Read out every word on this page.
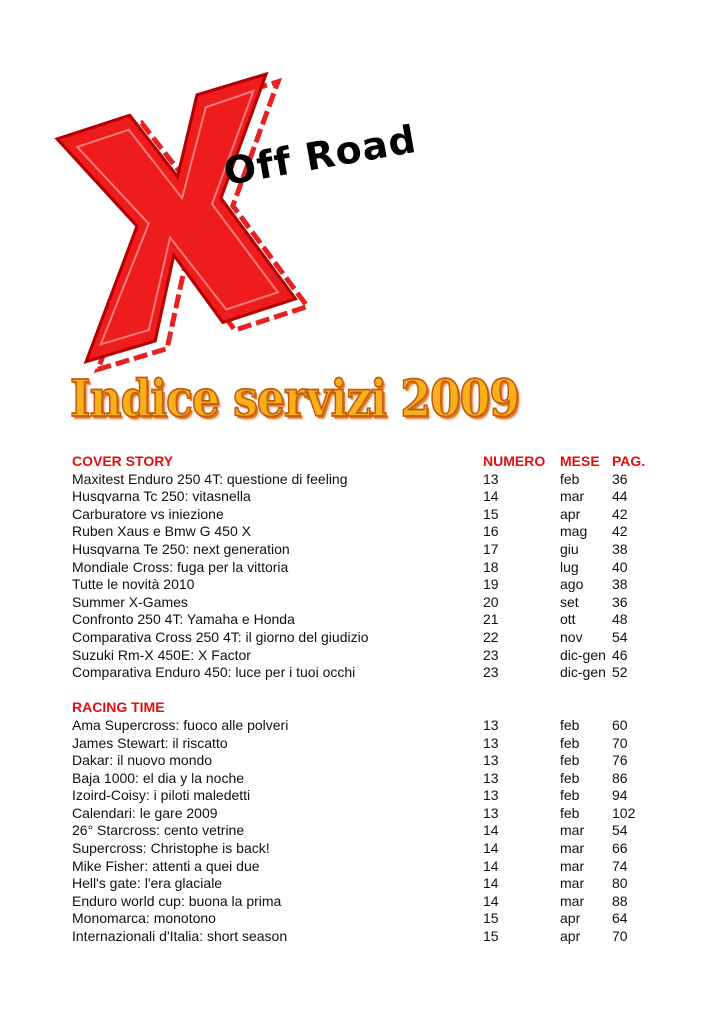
Off Road
Indice servizi 2009
COVER STORY	NUMERO MESE PAG.
Maxitest Enduro 250 4T: questione di feeling	13	feb 36
Husqvarna Tc 250: vitasnella	14	mar 44
Carburatore vs iniezione	15	apr 42
Ruben Xaus e Bmw G 450 X	16	mag 42
Husqvarna Te 250: next generation	17	giu 38
Mondiale Cross: fuga per la vittoria	18	lug 40
Tutte le novità 2010	19	ago 38
Summer X-Games	20	set 36
Confronto 250 4T: Yamaha e Honda	21	ott	48
Comparativa Cross 250 4T: il giorno del giudizio	22	nov 54
Suzuki Rm-X 450E: X Factor	23	dic-gen 46
Comparativa Enduro 450: luce per i tuoi occhi	23	dic-gen 52
RACING TIME
Ama Supercross: fuoco alle polveri	13	feb 60
James Stewart: il riscatto	13	feb 70
Dakar: il nuovo mondo	13	feb 76
Baja 1000: el dia y la noche	13	feb 86
Izoird-Coisy: i piloti maledetti	13	feb 94
Calendari: le gare 2009	13	feb 102
26° Starcross: cento vetrine	14	mar 54
Supercross: Christophe is back!	14	mar 66
Mike Fisher: attenti a quei due	14	mar 74
Hell's gate: l'era glaciale	14	mar 80
Enduro world cup: buona la prima	14	mar 88
Monomarca: monotono	15	apr 64
Internazionali d'Italia: short season	15	apr 70
